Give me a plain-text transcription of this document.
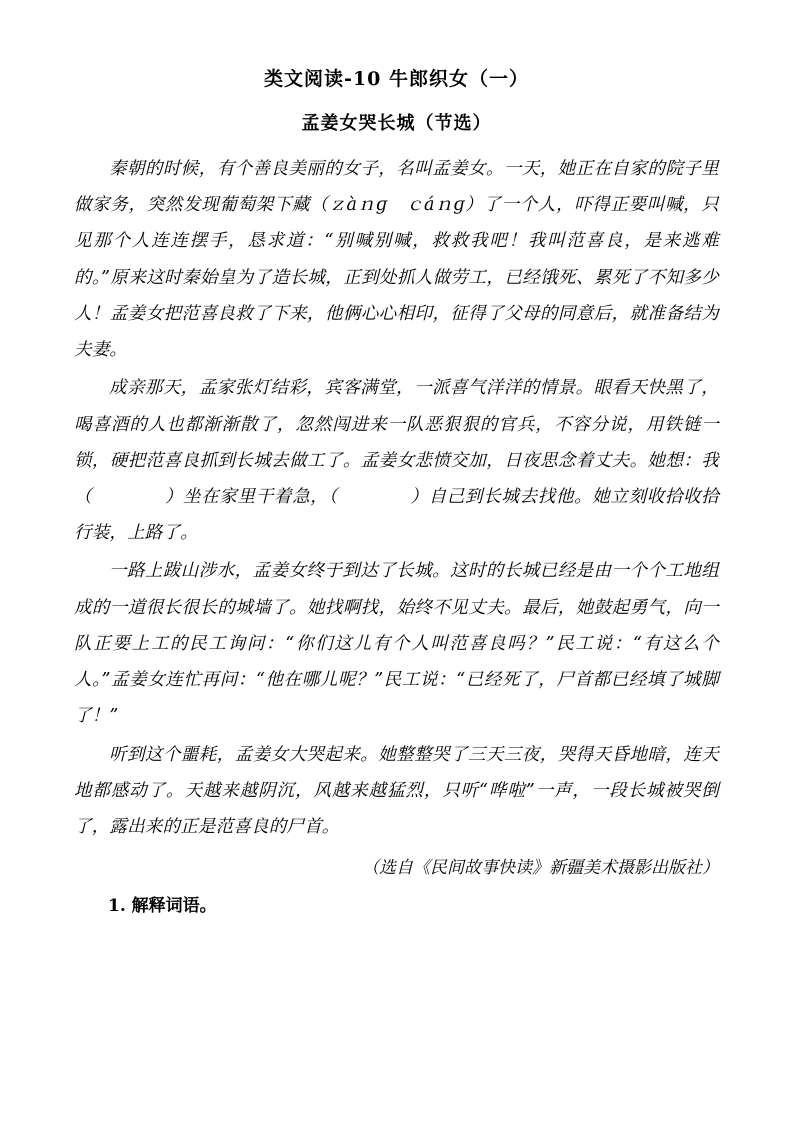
类文阅读-10 牛郎织女（一）
孟姜女哭长城（节选）

秦朝的时候，有个善良美丽的女子，名叫孟姜女。一天，她正在自家的院子里做家务，突然发现葡萄架下藏（ｚàｎɡ　ｃáｎɡ）了一个人，吓得正要叫喊，只见那个人连连摆手，恳求道：“别喊别喊，救救我吧！我叫范喜良，是来逃难的。”原来这时秦始皇为了造长城，正到处抓人做劳工，已经饿死、累死了不知多少人！孟姜女把范喜良救了下来，他俩心心相印，征得了父母的同意后，就准备结为夫妻。

成亲那天，孟家张灯结彩，宾客满堂，一派喜气洋洋的情景。眼看天快黑了，喝喜酒的人也都渐渐散了，忽然闯进来一队恶狠狠的官兵，不容分说，用铁链一锁，硬把范喜良抓到长城去做工了。孟姜女悲愤交加，日夜思念着丈夫。她想：我（　　　　）坐在家里干着急，（　　　　）自己到长城去找他。她立刻收拾收拾行装，上路了。

一路上跋山涉水，孟姜女终于到达了长城。这时的长城已经是由一个个工地组成的一道很长很长的城墙了。她找啊找，始终不见丈夫。最后，她鼓起勇气，向一队正要上工的民工询问：“你们这儿有个人叫范喜良吗？”民工说：“有这么个人。”孟姜女连忙再问：“他在哪儿呢？”民工说：“已经死了，尸首都已经填了城脚了！”

听到这个噩耗，孟姜女大哭起来。她整整哭了三天三夜，哭得天昏地暗，连天地都感动了。天越来越阴沉，风越来越猛烈，只听“哗啦”一声，一段长城被哭倒了，露出来的正是范喜良的尸首。

（选自《民间故事快读》新疆美术摄影出版社）
1. 解释词语。
